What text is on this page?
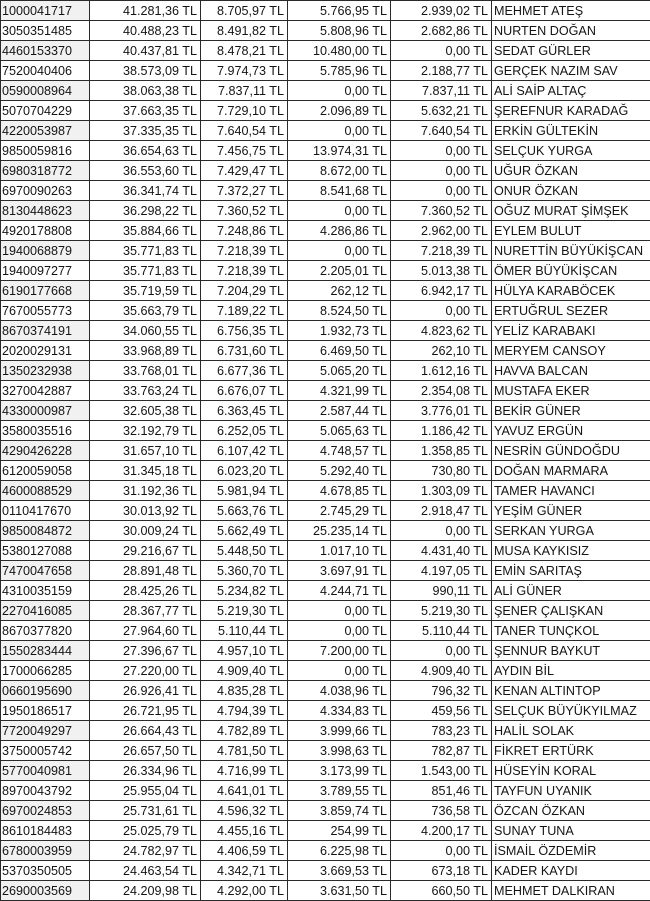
1000041717	41.281,36 TL	8.705,97 TL	5.766,95 TL	2.939,02 TL	MEHMET ATEŞ
3050351485	40.488,23 TL	8.491,82 TL	5.808,96 TL	2.682,86 TL	NURTEN DOĞAN
4460153370	40.437,81 TL	8.478,21 TL	10.480,00 TL	0,00 TL	SEDAT GÜRLER
7520040406	38.573,09 TL	7.974,73 TL	5.785,96 TL	2.188,77 TL	GERÇEK NAZIM SAV
0590008964	38.063,38 TL	7.837,11 TL	0,00 TL	7.837,11 TL	ALİ SAİP ALTAÇ
5070704229	37.663,35 TL	7.729,10 TL	2.096,89 TL	5.632,21 TL	ŞEREFNUR KARADAĞ
4220053987	37.335,35 TL	7.640,54 TL	0,00 TL	7.640,54 TL	ERKİN GÜLTEKİN
9850059816	36.654,63 TL	7.456,75 TL	13.974,31 TL	0,00 TL	SELÇUK YURGA
6980318772	36.553,60 TL	7.429,47 TL	8.672,00 TL	0,00 TL	UĞUR ÖZKAN
6970090263	36.341,74 TL	7.372,27 TL	8.541,68 TL	0,00 TL	ONUR ÖZKAN
8130448623	36.298,22 TL	7.360,52 TL	0,00 TL	7.360,52 TL	OĞUZ MURAT ŞİMŞEK
4920178808	35.884,66 TL	7.248,86 TL	4.286,86 TL	2.962,00 TL	EYLEM BULUT
1940068879	35.771,83 TL	7.218,39 TL	0,00 TL	7.218,39 TL	NURETTİN BÜYÜKİŞCAN
1940097277	35.771,83 TL	7.218,39 TL	2.205,01 TL	5.013,38 TL	ÖMER BÜYÜKİŞCAN
6190177668	35.719,59 TL	7.204,29 TL	262,12 TL	6.942,17 TL	HÜLYA KARABÖCEK
7670055773	35.663,79 TL	7.189,22 TL	8.524,50 TL	0,00 TL	ERTUĞRUL SEZER
8670374191	34.060,55 TL	6.756,35 TL	1.932,73 TL	4.823,62 TL	YELİZ KARABAKI
2020029131	33.968,89 TL	6.731,60 TL	6.469,50 TL	262,10 TL	MERYEM CANSOY
1350232938	33.768,01 TL	6.677,36 TL	5.065,20 TL	1.612,16 TL	HAVVA BALCAN
3270042887	33.763,24 TL	6.676,07 TL	4.321,99 TL	2.354,08 TL	MUSTAFA EKER
4330000987	32.605,38 TL	6.363,45 TL	2.587,44 TL	3.776,01 TL	BEKİR GÜNER
3580035516	32.192,79 TL	6.252,05 TL	5.065,63 TL	1.186,42 TL	YAVUZ ERGÜN
4290426228	31.657,10 TL	6.107,42 TL	4.748,57 TL	1.358,85 TL	NESRİN GÜNDOĞDU
6120059058	31.345,18 TL	6.023,20 TL	5.292,40 TL	730,80 TL	DOĞAN MARMARA
4600088529	31.192,36 TL	5.981,94 TL	4.678,85 TL	1.303,09 TL	TAMER HAVANCI
0110417670	30.013,92 TL	5.663,76 TL	2.745,29 TL	2.918,47 TL	YEŞİM GÜNER
9850084872	30.009,24 TL	5.662,49 TL	25.235,14 TL	0,00 TL	SERKAN YURGA
5380127088	29.216,67 TL	5.448,50 TL	1.017,10 TL	4.431,40 TL	MUSA KAYKISIZ
7470047658	28.891,48 TL	5.360,70 TL	3.697,91 TL	4.197,05 TL	EMİN SARITAŞ
4310035159	28.425,26 TL	5.234,82 TL	4.244,71 TL	990,11 TL	ALİ GÜNER
2270416085	28.367,77 TL	5.219,30 TL	0,00 TL	5.219,30 TL	ŞENER ÇALIŞKAN
8670377820	27.964,60 TL	5.110,44 TL	0,00 TL	5.110,44 TL	TANER TUNÇKOL
1550283444	27.396,67 TL	4.957,10 TL	7.200,00 TL	0,00 TL	ŞENNUR BAYKUT
1700066285	27.220,00 TL	4.909,40 TL	0,00 TL	4.909,40 TL	AYDIN BİL
0660195690	26.926,41 TL	4.835,28 TL	4.038,96 TL	796,32 TL	KENAN ALTINTOP
1950186517	26.721,95 TL	4.794,39 TL	4.334,83 TL	459,56 TL	SELÇUK BÜYÜKYILMAZ
7720049297	26.664,43 TL	4.782,89 TL	3.999,66 TL	783,23 TL	HALİL SOLAK
3750005742	26.657,50 TL	4.781,50 TL	3.998,63 TL	782,87 TL	FİKRET ERTÜRK
5770040981	26.334,96 TL	4.716,99 TL	3.173,99 TL	1.543,00 TL	HÜSEYİN KORAL
8970043792	25.955,04 TL	4.641,01 TL	3.789,55 TL	851,46 TL	TAYFUN UYANIK
6970024853	25.731,61 TL	4.596,32 TL	3.859,74 TL	736,58 TL	ÖZCAN ÖZKAN
8610184483	25.025,79 TL	4.455,16 TL	254,99 TL	4.200,17 TL	SUNAY TUNA
6780003959	24.782,97 TL	4.406,59 TL	6.225,98 TL	0,00 TL	İSMAİL ÖZDEMİR
5370350505	24.463,54 TL	4.342,71 TL	3.669,53 TL	673,18 TL	KADER KAYDI
2690003569	24.209,98 TL	4.292,00 TL	3.631,50 TL	660,50 TL	MEHMET DALKIRAN
